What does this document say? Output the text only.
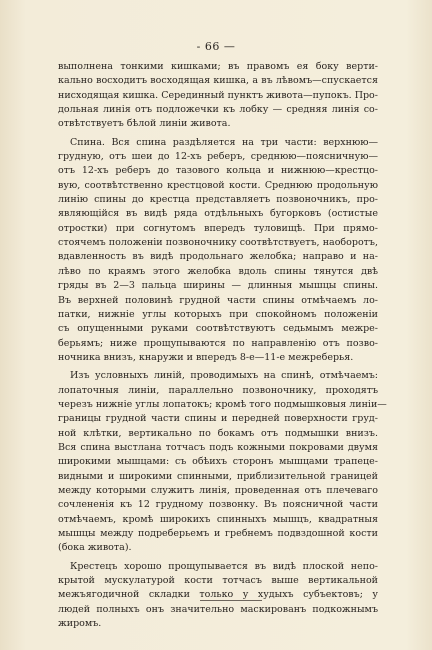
- 66 —
выполнена тонкими кишками; въ правомъ ея боку верти-
кально восходитъ восходящая кишка, а въ лѣвомъ—спускается
нисходящая кишка. Серединный пунктъ живота—пупокъ. Про-
дольная линія отъ подложечки къ лобку — средняя линія со-
отвѣтствуетъ бѣлой линіи живота.
Спина. Вся спина раздѣляется на три части: верхнюю—
грудную, отъ шеи до 12-хъ реберъ, среднюю—поясничную—
отъ 12-хъ реберъ до тазового кольца и нижнюю—крестцо-
вую, соотвѣтственно крестцовой кости. Среднюю продольную
линію спины до крестца представляетъ позвоночникъ, про-
являющійся въ видѣ ряда отдѣльныхъ бугорковъ (остистые
отростки) при согнутомъ впередъ туловищѣ. При прямо-
стоячемъ положеніи позвоночнику соотвѣтствуетъ, наоборотъ,
вдавленность въ видѣ продольнаго желобка; направо и на-
лѣво по краямъ этого желобка вдоль спины тянутся двѣ
гряды въ 2—3 пальца ширины — длинныя мышцы спины.
Въ верхней половинѣ грудной части спины отмѣчаемъ ло-
патки, нижніе углы которыхъ при спокойномъ положеніи
съ опущенными руками соотвѣтствуютъ седьмымъ межре-
берьямъ; ниже прощупываются по направленію отъ позво-
ночника внизъ, кнаружи и впередъ 8-е—11-е межреберья.
Изъ условныхъ линій, проводимыхъ на спинѣ, отмѣчаемъ:
лопаточныя линіи, параллельно позвоночнику, проходятъ
черезъ нижніе углы лопатокъ; кромѣ того подмышковыя линіи—
границы грудной части спины и передней поверхности груд-
ной клѣтки, вертикально по бокамъ отъ подмышки внизъ.
Вся спина выстлана тотчасъ подъ кожными покровами двумя
широкими мышцами: съ обѣихъ сторонъ мышцами трапеце-
видными и широкими спинными, приблизительной границей
между которыми служитъ линія, проведенная отъ плечеваго
сочлененія къ 12 грудному позвонку. Въ поясничной части
отмѣчаемъ, кромѣ широкихъ спинныхъ мышцъ, квадратныя
мышцы между подреберьемъ и гребнемъ подвздошной кости
(бока живота).
Крестецъ хорошо прощупывается въ видѣ плоской непо-
крытой мускулатурой кости тотчасъ выше вертикальной
межъягодичной складки только у худыхъ субъектовъ; у
людей полныхъ онъ значительно маскированъ подкожнымъ
жиромъ.
